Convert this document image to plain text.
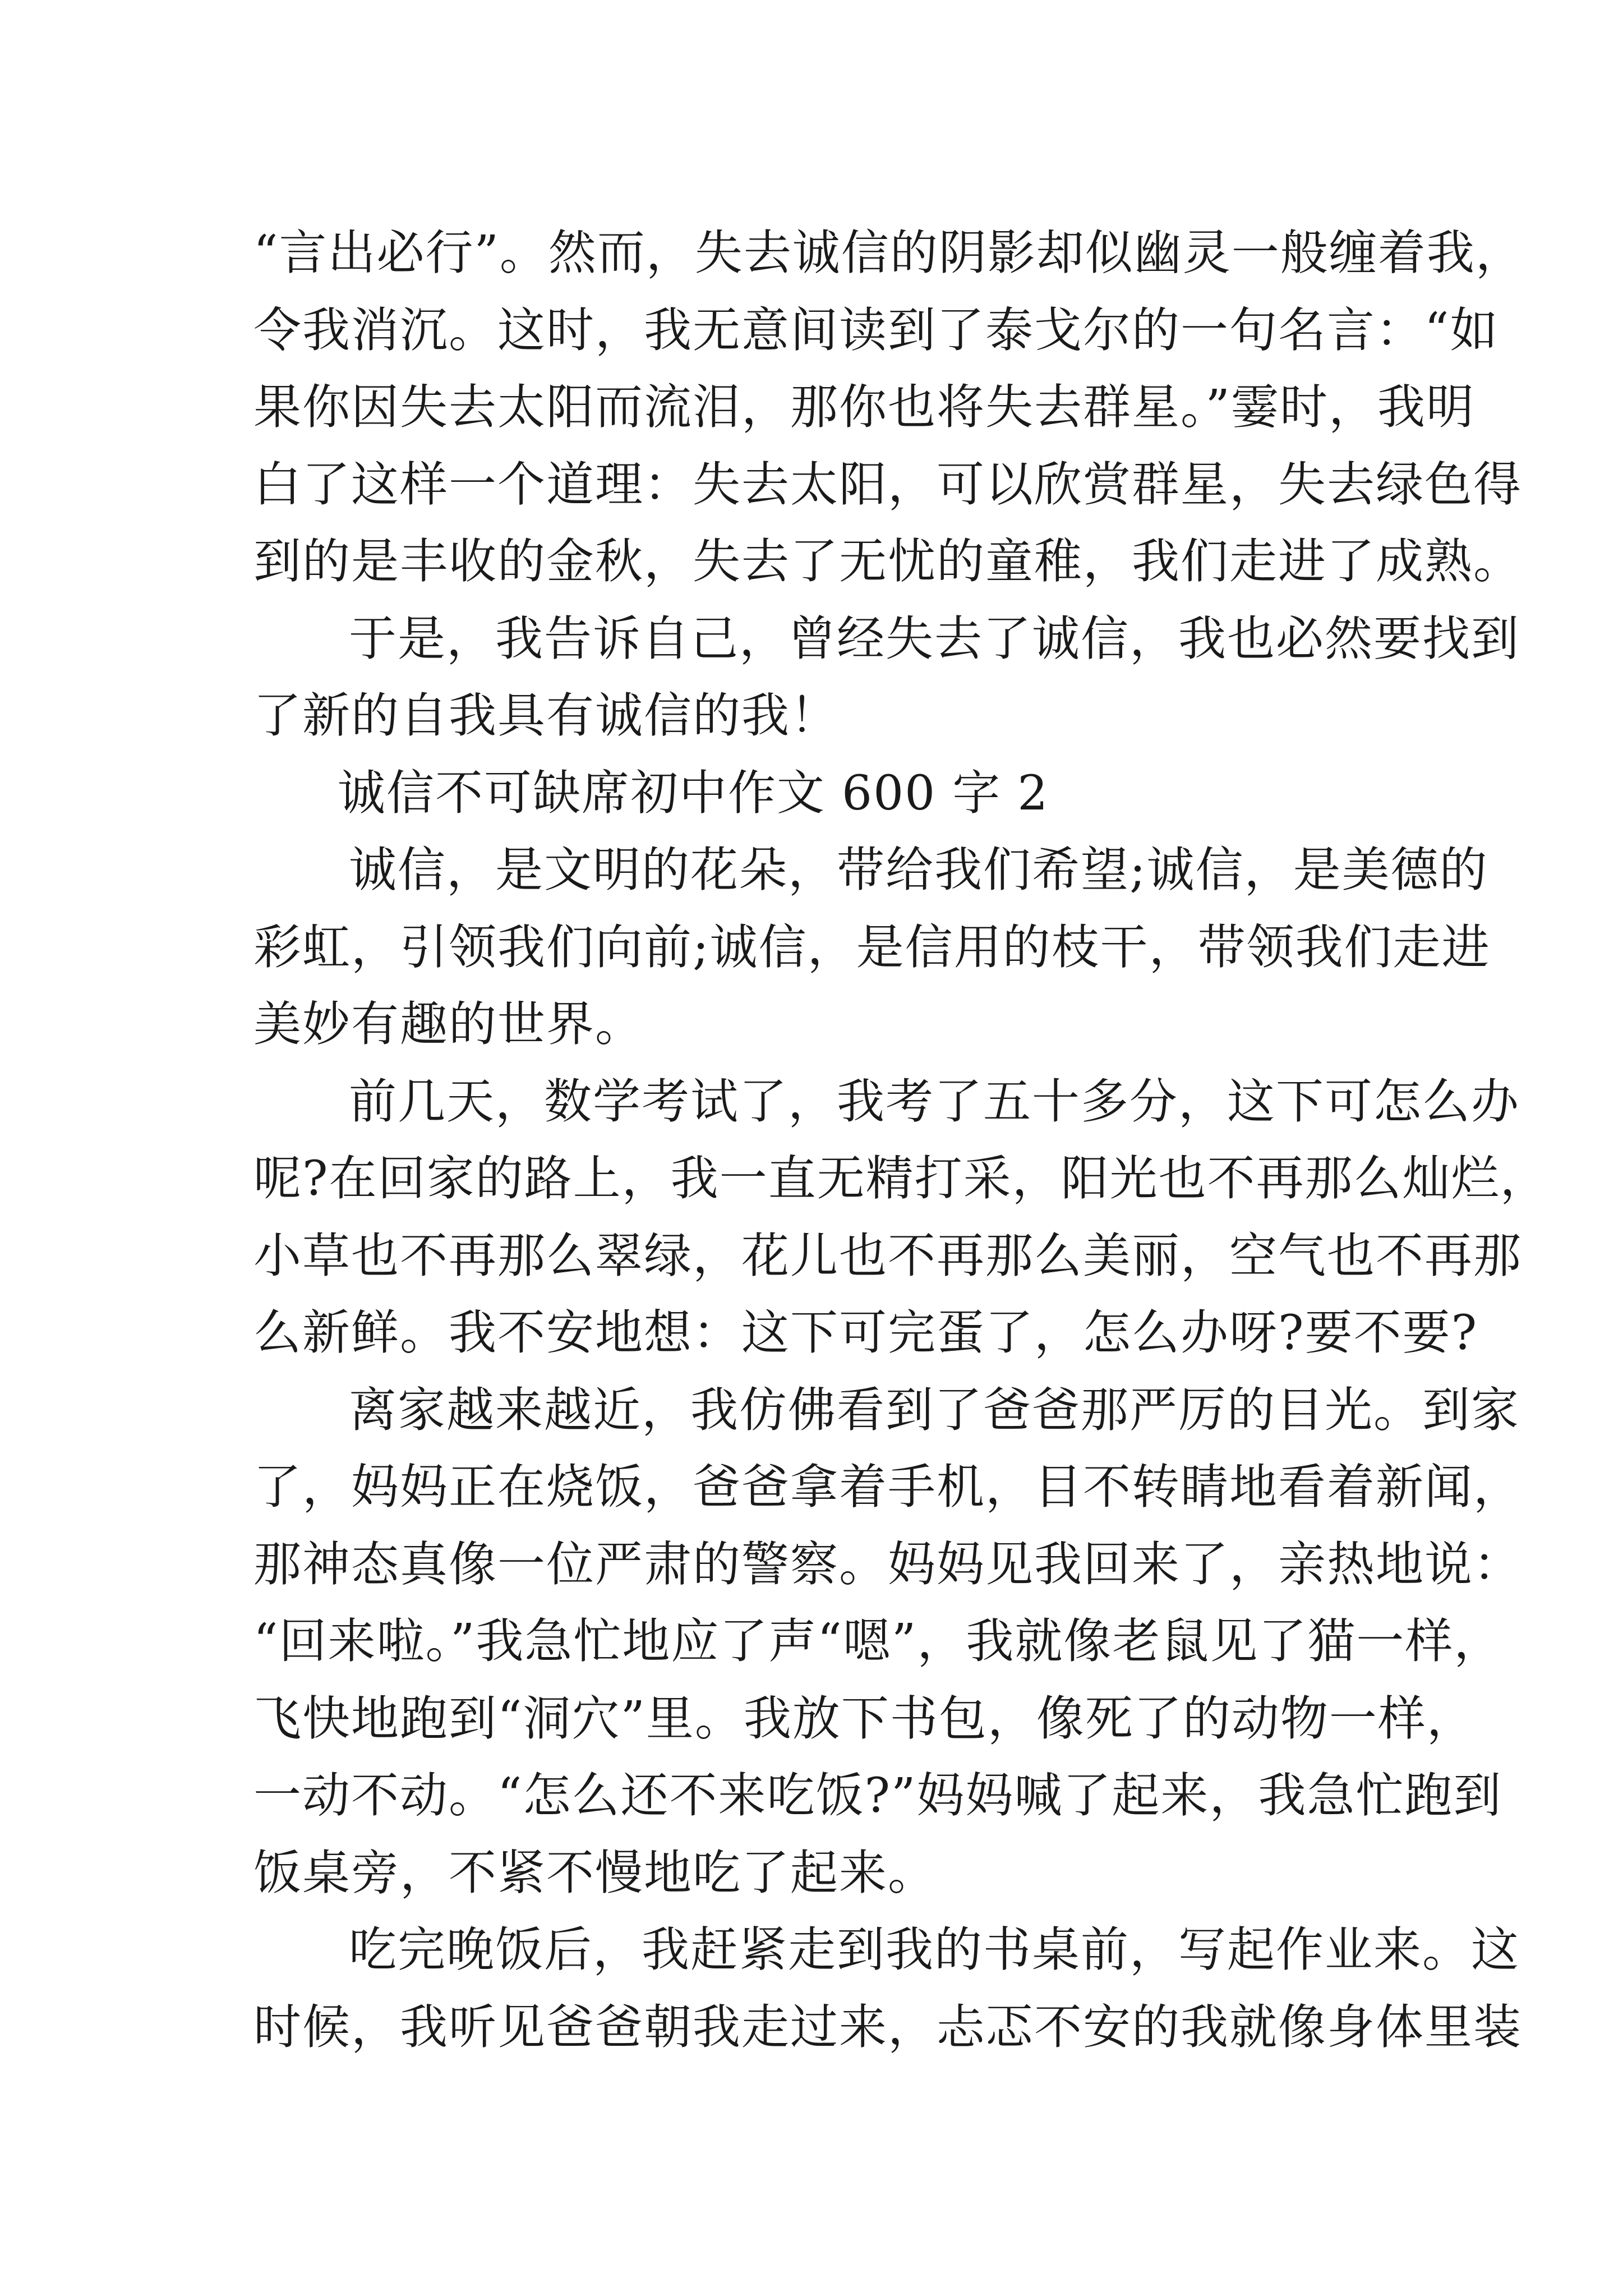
“言出必行”。然而，失去诚信的阴影却似幽灵一般缠着我，
令我消沉。这时，我无意间读到了泰戈尔的一句名言：“如
果你因失去太阳而流泪，那你也将失去群星。”霎时，我明
白了这样一个道理：失去太阳，可以欣赏群星，失去绿色得
到的是丰收的金秋，失去了无忧的童稚，我们走进了成熟。
于是，我告诉自己，曾经失去了诚信，我也必然要找到
了新的自我具有诚信的我！
诚信不可缺席初中作文 600 字 2
诚信，是文明的花朵，带给我们希望;诚信，是美德的
彩虹，引领我们向前;诚信，是信用的枝干，带领我们走进
美妙有趣的世界。
前几天，数学考试了，我考了五十多分，这下可怎么办
呢?在回家的路上，我一直无精打采，阳光也不再那么灿烂，
小草也不再那么翠绿，花儿也不再那么美丽，空气也不再那
么新鲜。我不安地想：这下可完蛋了，怎么办呀?要不要?
离家越来越近，我仿佛看到了爸爸那严厉的目光。到家
了，妈妈正在烧饭，爸爸拿着手机，目不转睛地看着新闻，
那神态真像一位严肃的警察。妈妈见我回来了，亲热地说：
“回来啦。”我急忙地应了声“嗯”，我就像老鼠见了猫一样，
飞快地跑到“洞穴”里。我放下书包，像死了的动物一样，
一动不动。“怎么还不来吃饭?”妈妈喊了起来，我急忙跑到
饭桌旁，不紧不慢地吃了起来。
吃完晚饭后，我赶紧走到我的书桌前，写起作业来。这
时候，我听见爸爸朝我走过来，忐忑不安的我就像身体里装
